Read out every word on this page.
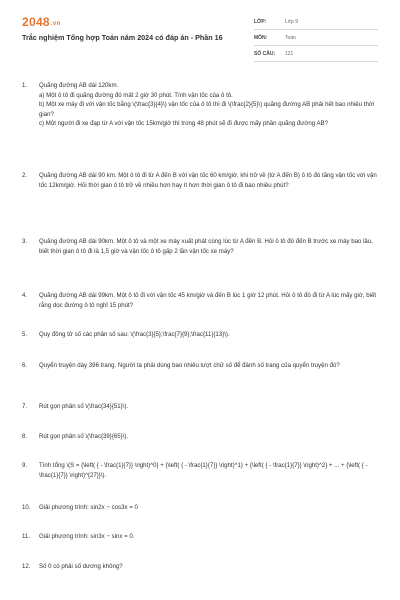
2048.vn
Trắc nghiệm Tổng hợp Toán năm 2024 có đáp án - Phần 16
LỚP:	Lớp 9
MÔN:	Toán
SỐ CÂU:	121
1.	Quãng đường AB dài 120km.
a) Một ô tô đi quãng đường đó mất 2 giờ 30 phút. Tính vận tốc của ô tô.
b) Một xe máy đi với vận tốc bằng \(\frac{3}{4}\) vận tốc của ô tô thì đi \(\frac{2}{5}\) quãng đường AB phải hết bao nhiêu thời gian?
c) Một người đi xe đạp từ A với vận tốc 15km/giờ thì trong 48 phút sẽ đi được mấy phần quãng đường AB?
2.	Quãng đường AB dài 90 km. Một ô tô đi từ A đến B với vận tốc 60 km/giờ, khi trở về (từ A đến B) ô tô đó tăng vận tốc với vận tốc 12km/giờ. Hỏi thời gian ô tô trở về nhiều hơn hay ít hơn thời gian ô tô đi bao nhiêu phút?
3.	Quãng đường AB dài 90km. Một ô tô và một xe máy xuất phát cùng lúc từ A đến B. Hỏi ô tô đó đến B trước xe máy bao lâu, biết thời gian ô tô đi là 1,5 giờ và vận tốc ô tô gấp 2 lần vận tốc xe máy?
4.	Quãng đường AB dài 99km. Một ô tô đi với vận tốc 45 km/giờ và đến B lúc 1 giờ 12 phút. Hỏi ô tô đó đi từ A lúc mấy giờ, biết rằng dọc đường ô tô nghỉ 15 phút?
5.	Quy đồng tử số các phân số sau: \(\frac{3}{5};\frac{7}{9};\frac{11}{13}\).
6.	Quyển truyện dày 396 trang. Người ta phải dùng bao nhiêu lượt chữ số để đánh số trang của quyển truyện đó?
7.	Rút gọn phân số \(\frac{34}{51}\).
8.	Rút gọn phân số \(\frac{39}{65}\).
9.	Tính tổng \(S = {\left( { - \frac{1}{7}} \right)^0} + {\left( { - \frac{1}{7}} \right)^1} + {\left( { - \frac{1}{7}} \right)^2} + ... + {\left( { - \frac{1}{7}} \right)^{27}}\).
10.	Giải phương trình: sin2x − cos3x = 0
11.	Giải phương trình: sin3x − sinx = 0.
12.	Số 0 có phải số dương không?
